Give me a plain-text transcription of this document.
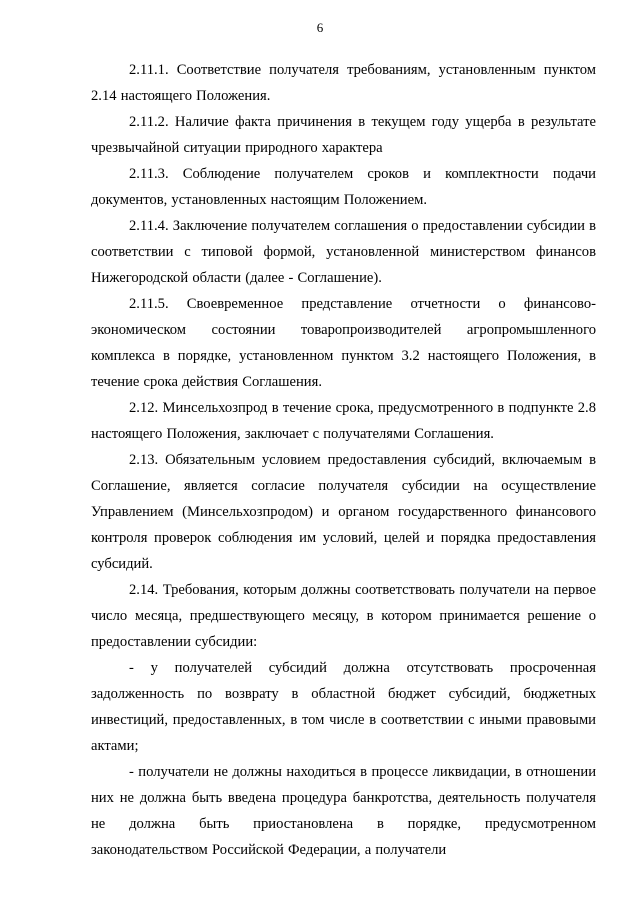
6

2.11.1. Соответствие получателя требованиям, установленным пунктом 2.14 настоящего Положения.

2.11.2. Наличие факта причинения в текущем году ущерба в результате чрезвычайной ситуации природного характера

2.11.3. Соблюдение получателем сроков и комплектности подачи документов, установленных настоящим Положением.

2.11.4. Заключение получателем соглашения о предоставлении субсидии в соответствии с типовой формой, установленной министерством финансов Нижегородской области (далее - Соглашение).

2.11.5. Своевременное представление отчетности о финансово-экономическом состоянии товаропроизводителей агропромышленного комплекса в порядке, установленном пунктом 3.2 настоящего Положения, в течение срока действия Соглашения.

2.12. Минсельхозпрод в течение срока, предусмотренного в подпункте 2.8 настоящего Положения, заключает с получателями Соглашения.

2.13. Обязательным условием предоставления субсидий, включаемым в Соглашение, является согласие получателя субсидии на осуществление Управлением (Минсельхозпродом) и органом государственного финансового контроля проверок соблюдения им условий, целей и порядка предоставления субсидий.

2.14. Требования, которым должны соответствовать получатели на первое число месяца, предшествующего месяцу, в котором принимается решение о предоставлении субсидии:

- у получателей субсидий должна отсутствовать просроченная задолженность по возврату в областной бюджет субсидий, бюджетных инвестиций, предоставленных, в том числе в соответствии с иными правовыми актами;

- получатели не должны находиться в процессе ликвидации, в отношении них не должна быть введена процедура банкротства, деятельность получателя не должна быть приостановлена в порядке, предусмотренном законодательством Российской Федерации, а получатели
